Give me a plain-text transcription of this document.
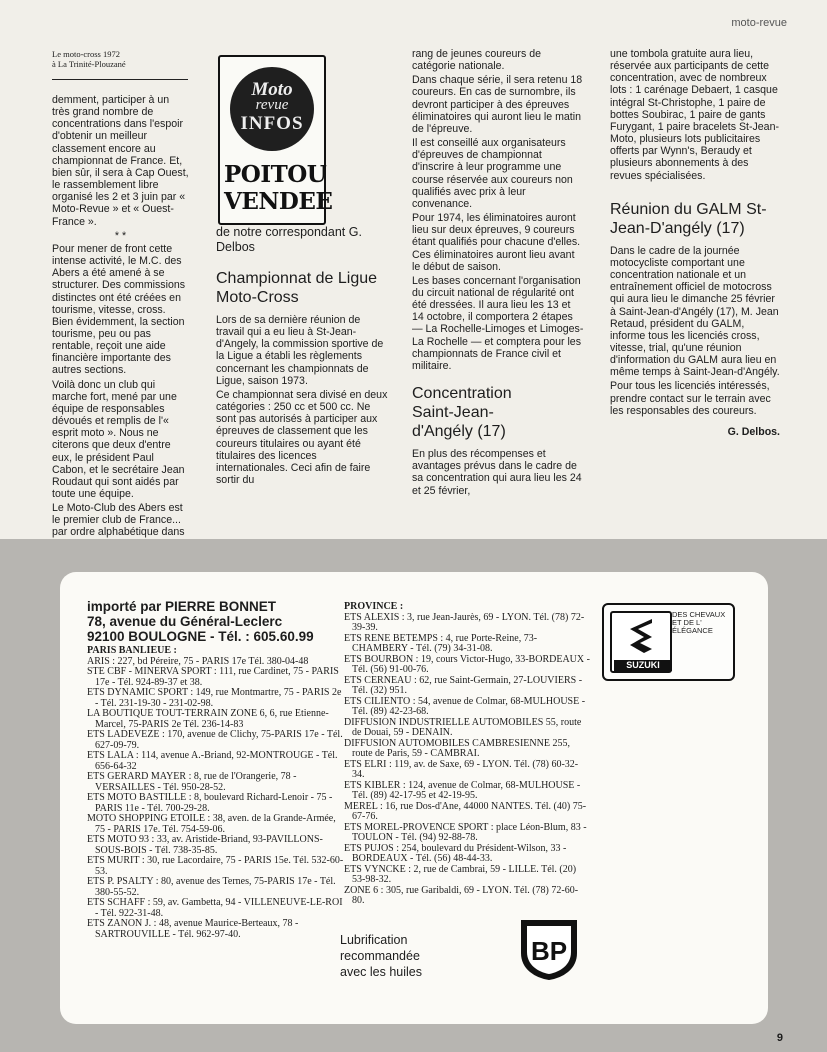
moto-revue
Le moto-cross 1972
à La Trinité-Plouzané

demment, participer à un très grand nombre de concentrations dans l'espoir d'obtenir un meilleur classement encore au championnat de France. Et, bien sûr, il sera à Cap Ouest, le rassemblement libre organisé les 2 et 3 juin par « Moto-Revue » et « Ouest-France ».

* *

Pour mener de front cette intense activité, le M.C. des Abers a été amené à se structurer. Des commissions distinctes ont été créées en tourisme, vitesse, cross. Bien évidemment, la section tourisme, peu ou pas rentable, reçoit une aide financière importante des autres sections.

Voilà donc un club qui marche fort, mené par une équipe de responsables dévoués et remplis de l'« esprit moto ». Nous ne citerons que deux d'entre eux, le président Paul Cabon, et le secrétaire Jean Roudaut qui sont aidés par toute une équipe.

Le Moto-Club des Abers est le premier club de France... par ordre alphabétique dans

Moto
revue
INFOS
POITOU
VENDEE

de notre correspondant G. Delbos

Championnat de Ligue Moto-Cross

Lors de sa dernière réunion de travail qui a eu lieu à St-Jean-d'Angely, la commission sportive de la Ligue a établi les règlements concernant les championnats de Ligue, saison 1973.

Ce championnat sera divisé en deux catégories : 250 cc et 500 cc. Ne sont pas autorisés à participer aux épreuves de classement que les coureurs titulaires ou ayant été titulaires des licences internationales. Ceci afin de faire sortir du

rang de jeunes coureurs de catégorie nationale.

Dans chaque série, il sera retenu 18 coureurs. En cas de surnombre, ils devront participer à des épreuves éliminatoires qui auront lieu le matin de l'épreuve.

Il est conseillé aux organisateurs d'épreuves de championnat d'inscrire à leur programme une course réservée aux coureurs non qualifiés avec prix à leur convenance.

Pour 1974, les éliminatoires auront lieu sur deux épreuves, 9 coureurs étant qualifiés pour chacune d'elles. Ces éliminatoires auront lieu avant le début de saison.

Les bases concernant l'organisation du circuit national de régularité ont été dressées. Il aura lieu les 13 et 14 octobre, il comportera 2 étapes — La Rochelle-Limoges et Limoges-La Rochelle — et comptera pour les championnats de France civil et militaire.

Concentration Saint-Jean-d'Angély (17)

En plus des récompenses et avantages prévus dans le cadre de sa concentration qui aura lieu les 24 et 25 février,

une tombola gratuite aura lieu, réservée aux participants de cette concentration, avec de nombreux lots : 1 carénage Debaert, 1 casque intégral St-Christophe, 1 paire de bottes Soubirac, 1 paire de gants Furygant, 1 paire bracelets St-Jean-Moto, plusieurs lots publicitaires offerts par Wynn's, Beraudy et plusieurs abonnements à des revues spécialisées.

Réunion du GALM St-Jean-D'angély (17)

Dans le cadre de la journée motocycliste comportant une concentration nationale et un entraînement officiel de motocross qui aura lieu le dimanche 25 février à Saint-Jean-d'Angély (17), M. Jean Retaud, président du GALM, informe tous les licenciés cross, vitesse, trial, qu'une réunion d'information du GALM aura lieu en même temps à Saint-Jean-d'Angély.

Pour tous les licenciés intéressés, prendre contact sur le terrain avec les responsables des coureurs.

G. Delbos.
importé par PIERRE BONNET
78, avenue du Général-Leclerc
92100 BOULOGNE - Tél. : 605.60.99

PARIS BANLIEUE :

ARIS : 227, bd Péreire, 75 - PARIS 17e Tél. 380-04-48

STE CBF - MINERVA SPORT : 111, rue Cardinet, 75 - PARIS 17e - Tél. 924-89-37 et 38.

ETS DYNAMIC SPORT : 149, rue Montmartre, 75 - PARIS 2e - Tél. 231-19-30 - 231-02-98.

LA BOUTIQUE TOUT-TERRAIN ZONE 6, 6, rue Etienne-Marcel, 75-PARIS 2e Tél. 236-14-83

ETS LADEVEZE : 170, avenue de Clichy, 75-PARIS 17e - Tél. 627-09-79.

ETS LALA : 114, avenue A.-Briand, 92-MONTROUGE - Tél. 656-64-32

ETS GERARD MAYER : 8, rue de l'Orangerie, 78 - VERSAILLES - Tél. 950-28-52.

ETS MOTO BASTILLE : 8, boulevard Richard-Lenoir - 75 - PARIS 11e - Tél. 700-29-28.

MOTO SHOPPING ETOILE : 38, aven. de la Grande-Armée, 75 - PARIS 17e. Tél. 754-59-06.

ETS MOTO 93 : 33, av. Aristide-Briand, 93-PAVILLONS-SOUS-BOIS - Tél. 738-35-85.

ETS MURIT : 30, rue Lacordaire, 75 - PARIS 15e. Tél. 532-60-53.

ETS P. PSALTY : 80, avenue des Ternes, 75-PARIS 17e - Tél. 380-55-52.

ETS SCHAFF : 59, av. Gambetta, 94 - VILLENEUVE-LE-ROI - Tél. 922-31-48.

ETS ZANON J. : 48, avenue Maurice-Berteaux, 78 - SARTROUVILLE - Tél. 962-97-40.

PROVINCE :

ETS ALEXIS : 3, rue Jean-Jaurès, 69 - LYON. Tél. (78) 72-39-39.

ETS RENE BETEMPS : 4, rue Porte-Reine, 73-CHAMBERY - Tél. (79) 34-31-08.

ETS BOURBON : 19, cours Victor-Hugo, 33-BORDEAUX - Tél. (56) 91-00-76.

ETS CERNEAU : 62, rue Saint-Germain, 27-LOUVIERS - Tél. (32) 951.

ETS CILIENTO : 54, avenue de Colmar, 68-MULHOUSE - Tél. (89) 42-23-68.

DIFFUSION INDUSTRIELLE AUTOMOBILES 55, route de Douai, 59 - DENAIN.

DIFFUSION AUTOMOBILES CAMBRESIENNE 255, route de Paris, 59 - CAMBRAI.

ETS ELRI : 119, av. de Saxe, 69 - LYON. Tél. (78) 60-32-34.

ETS KIBLER : 124, avenue de Colmar, 68-MULHOUSE - Tél. (89) 42-17-95 et 42-19-95.

MEREL : 16, rue Dos-d'Ane, 44000 NANTES. Tél. (40) 75-67-76.

ETS MOREL-PROVENCE SPORT : place Léon-Blum, 83 - TOULON - Tél. (94) 92-88-78.

ETS PUJOS : 254, boulevard du Président-Wilson, 33 - BORDEAUX - Tél. (56) 48-44-33.

ETS VYNCKE : 2, rue de Cambrai, 59 - LILLE. Tél. (20) 53-98-32.

ZONE 6 : 305, rue Garibaldi, 69 - LYON. Tél. (78) 72-60-80.

Lubrification
recommandée
avec les huiles
BP
SUZUKI
DES CHEVAUX
ET DE L'
ÉLÉGANCE
9
